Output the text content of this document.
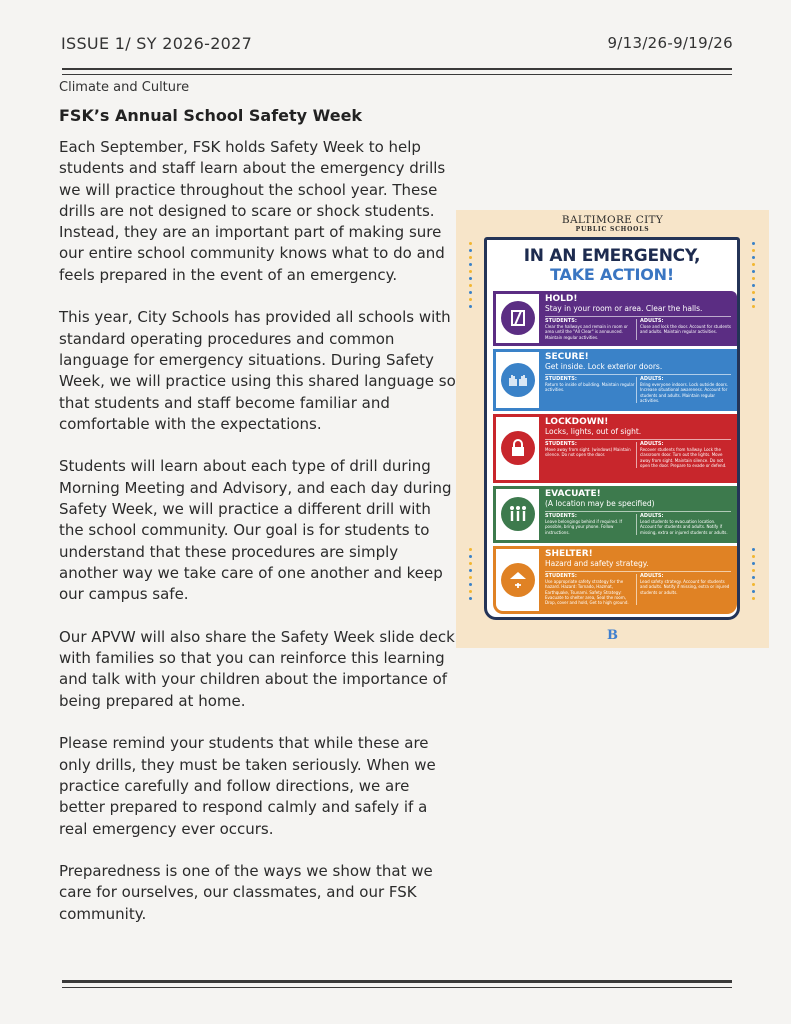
ISSUE 1/ SY 2026-2027	9/13/26-9/19/26
Climate and Culture
FSK’s Annual School Safety Week

Each September, FSK holds Safety Week to help students and staff learn about the emergency drills we will practice throughout the school year. These drills are not designed to scare or shock students. Instead, they are an important part of making sure our entire school community knows what to do and feels prepared in the event of an emergency.

This year, City Schools has provided all schools with standard operating procedures and common language for emergency situations. During Safety Week, we will practice using this shared language so that students and staff become familiar and comfortable with the expectations.

Students will learn about each type of drill during Morning Meeting and Advisory, and each day during Safety Week, we will practice a different drill with the school community. Our goal is for students to understand that these procedures are simply another way we take care of one another and keep our campus safe.

Our APVW will also share the Safety Week slide deck with families so that you can reinforce this learning and talk with your children about the importance of being prepared at home.

Please remind your students that while these are only drills, they must be taken seriously. When we practice carefully and follow directions, we are better prepared to respond calmly and safely if a real emergency ever occurs.

Preparedness is one of the ways we show that we care for ourselves, our classmates, and our FSK community.

BALTIMORE CITY
PUBLIC SCHOOLS
IN AN EMERGENCY,
TAKE ACTION!
HOLD!
Stay in your room or area. Clear the halls.
STUDENTS:
Clear the hallways and remain in room or area until the "All Clear" is announced. Maintain regular activities.
ADULTS:
Close and lock the door. Account for students and adults. Maintain regular activities.
SECURE!
Get inside. Lock exterior doors.
STUDENTS:
Return to inside of building. Maintain regular activities.
ADULTS:
Bring everyone indoors. Lock outside doors. Increase situational awareness. Account for students and adults. Maintain regular activities.
LOCKDOWN!
Locks, lights, out of sight.
STUDENTS:
Move away from sight. (windows) Maintain silence. Do not open the door.
ADULTS:
Recover students from hallway. Lock the classroom door. Turn out the lights. Move away from sight. Maintain silence. Do not open the door. Prepare to evade or defend.
EVACUATE!
(A location may be specified)
STUDENTS:
Leave belongings behind if required. If possible, bring your phone. Follow instructions.
ADULTS:
Lead students to evacuation location. Account for students and adults. Notify if missing, extra or injured students or adults.
SHELTER!
Hazard and safety strategy.
STUDENTS:
Use appropriate safety strategy for the hazard. Hazard: Tornado, Hazmat, Earthquake, Tsunami. Safety Strategy: Evacuate to shelter area, Seal the room, Drop, cover and hold, Get to high ground.
ADULTS:
Lead safety strategy. Account for students and adults. Notify if missing, extra or injured students or adults.
B
